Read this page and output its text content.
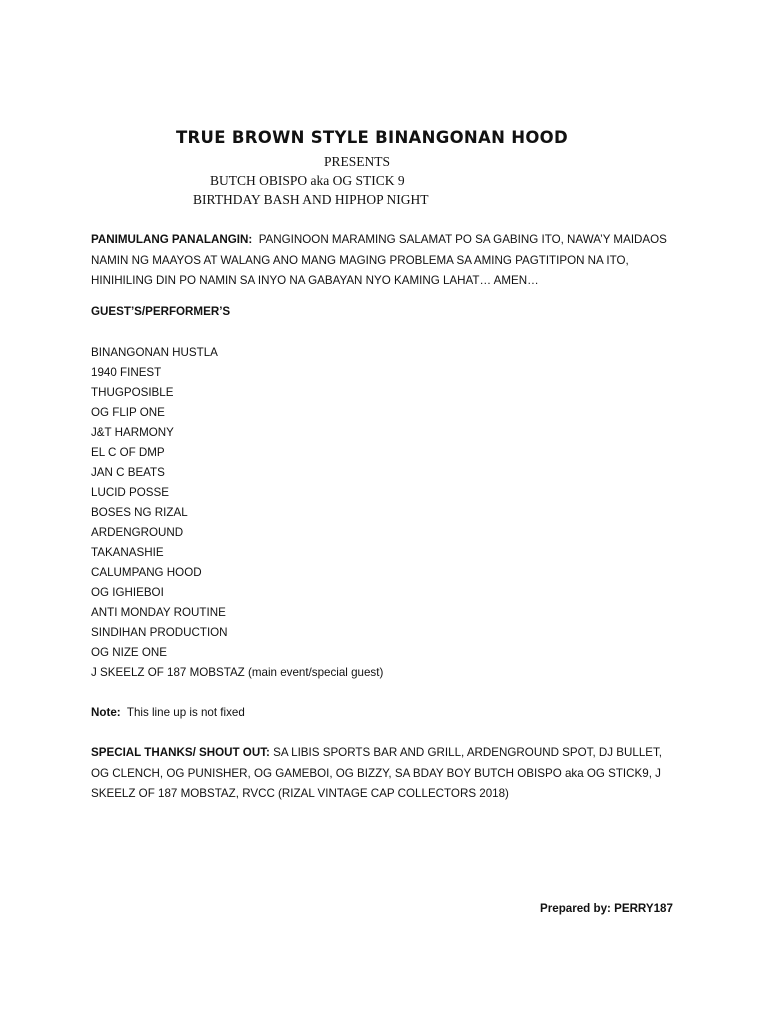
TRUE BROWN STYLE BINANGONAN HOOD
PRESENTS
BUTCH OBISPO aka OG STICK 9
BIRTHDAY BASH AND HIPHOP NIGHT
PANIMULANG PANALANGIN: PANGINOON MARAMING SALAMAT PO SA GABING ITO, NAWA’Y MAIDAOS NAMIN NG MAAYOS AT WALANG ANO MANG MAGING PROBLEMA SA AMING PAGTITIPON NA ITO, HINIHILING DIN PO NAMIN SA INYO NA GABAYAN NYO KAMING LAHAT… AMEN…
GUEST’S/PERFORMER’S
BINANGONAN HUSTLA
1940 FINEST
THUGPOSIBLE
OG FLIP ONE
J&T HARMONY
EL C OF DMP
JAN C BEATS
LUCID POSSE
BOSES NG RIZAL
ARDENGROUND
TAKANASHIE
CALUMPANG HOOD
OG IGHIEBOI
ANTI MONDAY ROUTINE
SINDIHAN PRODUCTION
OG NIZE ONE
J SKEELZ OF 187 MOBSTAZ (main event/special guest)
Note: This line up is not fixed
SPECIAL THANKS/ SHOUT OUT: SA LIBIS SPORTS BAR AND GRILL, ARDENGROUND SPOT, DJ BULLET, OG CLENCH, OG PUNISHER, OG GAMEBOI, OG BIZZY, SA BDAY BOY BUTCH OBISPO aka OG STICK9, J SKEELZ OF 187 MOBSTAZ, RVCC (RIZAL VINTAGE CAP COLLECTORS 2018)
Prepared by: PERRY187
